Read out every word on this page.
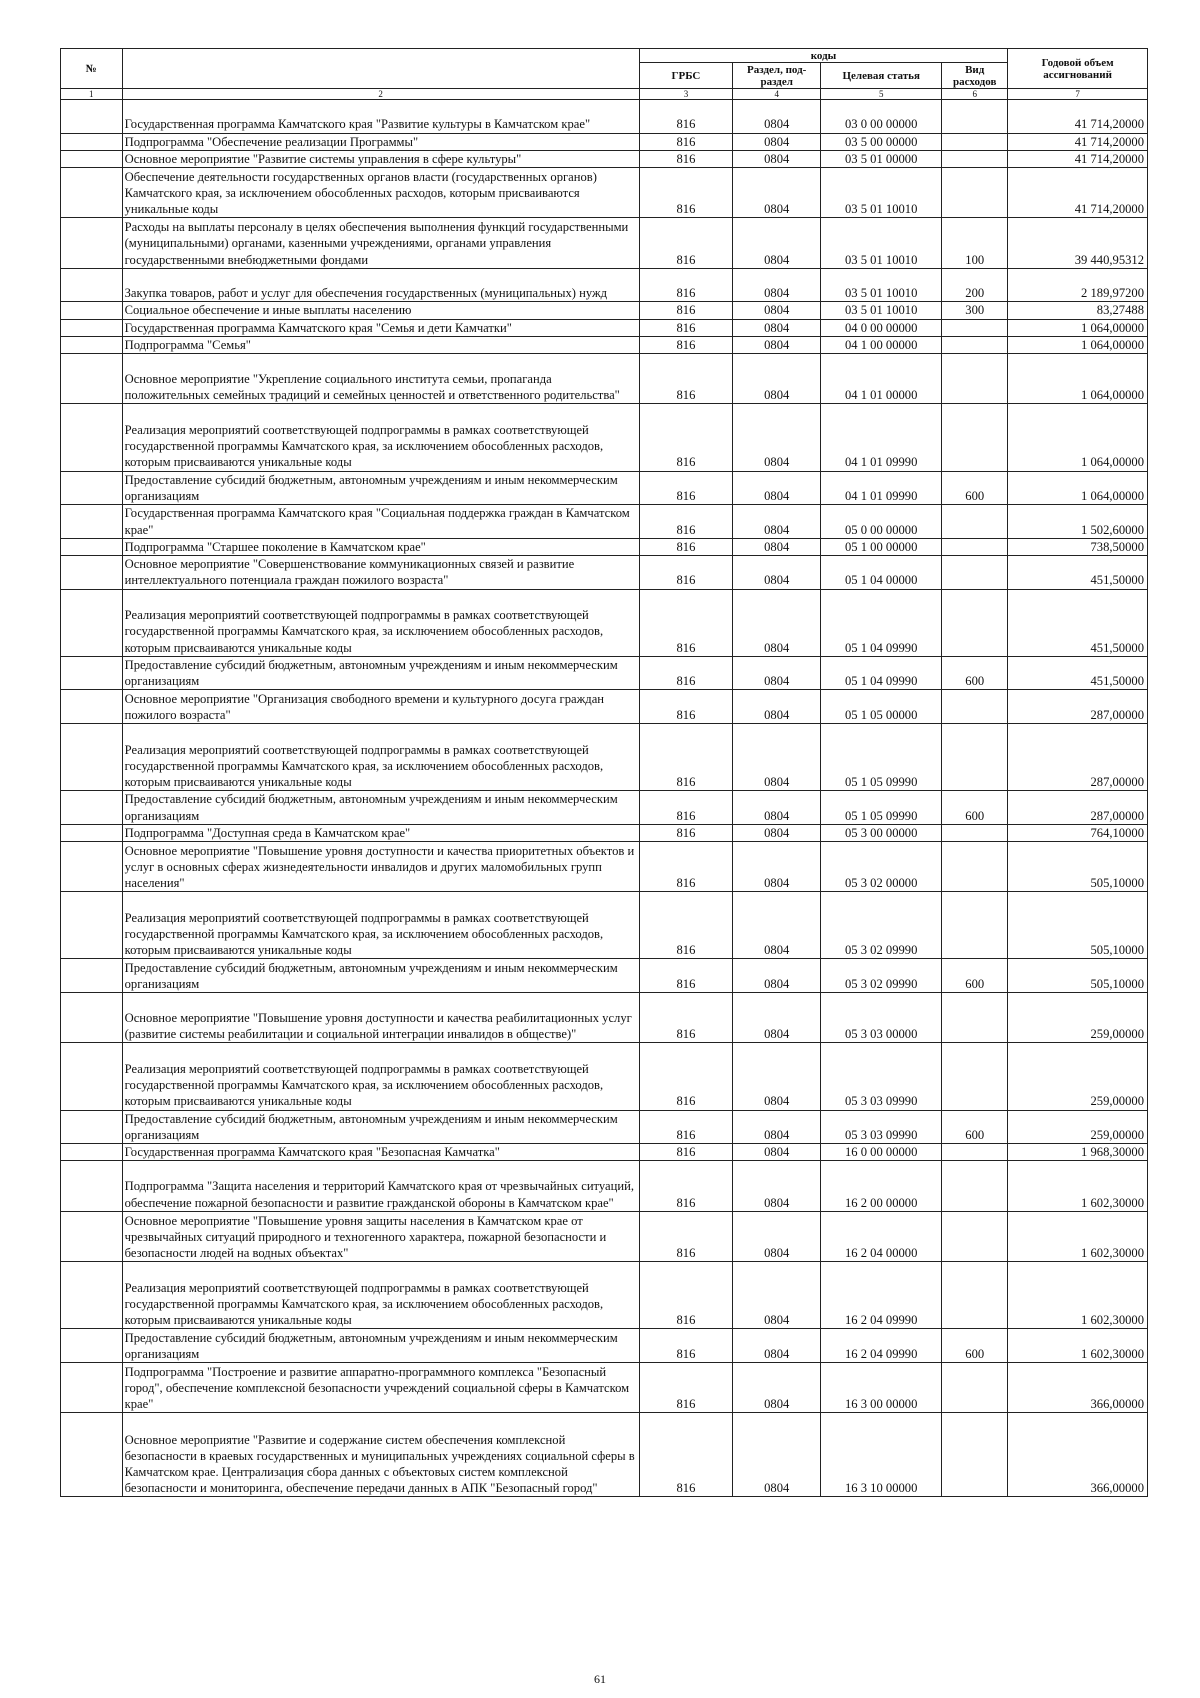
№		коды				Годовой объем ассигнований
		ГРБС	Раздел, под-раздел	Целевая статья	Вид расходов	
1	2	3	4	5	6	7
	Государственная программа Камчатского края "Развитие культуры в Камчатском крае"	816	0804	03 0 00 00000		41 714,20000
	Подпрограмма "Обеспечение реализации Программы"	816	0804	03 5 00 00000		41 714,20000
	Основное мероприятие "Развитие системы управления в сфере культуры"	816	0804	03 5 01 00000		41 714,20000
	Обеспечение деятельности государственных органов власти (государственных органов) Камчатского края, за исключением обособленных расходов, которым присваиваются уникальные коды	816	0804	03 5 01 10010		41 714,20000
	Расходы на выплаты персоналу в целях обеспечения выполнения функций государственными (муниципальными) органами, казенными учреждениями, органами управления государственными внебюджетными фондами	816	0804	03 5 01 10010	100	39 440,95312
	Закупка товаров, работ и услуг для обеспечения государственных (муниципальных) нужд	816	0804	03 5 01 10010	200	2 189,97200
	Социальное обеспечение и иные выплаты населению	816	0804	03 5 01 10010	300	83,27488
	Государственная программа Камчатского края "Семья и дети Камчатки"	816	0804	04 0 00 00000		1 064,00000
	Подпрограмма "Семья"	816	0804	04 1 00 00000		1 064,00000
	Основное мероприятие "Укрепление социального института семьи, пропаганда положительных семейных традиций и семейных ценностей и ответственного родительства"	816	0804	04 1 01 00000		1 064,00000
	Реализация мероприятий соответствующей подпрограммы в рамках соответствующей государственной программы Камчатского края, за исключением обособленных расходов, которым присваиваются уникальные коды	816	0804	04 1 01 09990		1 064,00000
	Предоставление субсидий бюджетным, автономным учреждениям и иным некоммерческим организациям	816	0804	04 1 01 09990	600	1 064,00000
	Государственная программа Камчатского края "Социальная поддержка граждан в Камчатском крае"	816	0804	05 0 00 00000		1 502,60000
	Подпрограмма "Старшее поколение в Камчатском крае"	816	0804	05 1 00 00000		738,50000
	Основное мероприятие "Совершенствование коммуникационных связей и развитие интеллектуального потенциала граждан пожилого возраста"	816	0804	05 1 04 00000		451,50000
	Реализация мероприятий соответствующей подпрограммы в рамках соответствующей государственной программы Камчатского края, за исключением обособленных расходов, которым присваиваются уникальные коды	816	0804	05 1 04 09990		451,50000
	Предоставление субсидий бюджетным, автономным учреждениям и иным некоммерческим организациям	816	0804	05 1 04 09990	600	451,50000
	Основное мероприятие "Организация свободного времени и культурного досуга граждан пожилого возраста"	816	0804	05 1 05 00000		287,00000
	Реализация мероприятий соответствующей подпрограммы в рамках соответствующей государственной программы Камчатского края, за исключением обособленных расходов, которым присваиваются уникальные коды	816	0804	05 1 05 09990		287,00000
	Предоставление субсидий бюджетным, автономным учреждениям и иным некоммерческим организациям	816	0804	05 1 05 09990	600	287,00000
	Подпрограмма "Доступная среда в Камчатском крае"	816	0804	05 3 00 00000		764,10000
	Основное мероприятие "Повышение уровня доступности и качества приоритетных объектов и услуг в основных сферах жизнедеятельности инвалидов и других маломобильных групп населения"	816	0804	05 3 02 00000		505,10000
	Реализация мероприятий соответствующей подпрограммы в рамках соответствующей государственной программы Камчатского края, за исключением обособленных расходов, которым присваиваются уникальные коды	816	0804	05 3 02 09990		505,10000
	Предоставление субсидий бюджетным, автономным учреждениям и иным некоммерческим организациям	816	0804	05 3 02 09990	600	505,10000
	Основное мероприятие "Повышение уровня доступности и качества реабилитационных услуг (развитие системы реабилитации и социальной интеграции инвалидов в обществе)"	816	0804	05 3 03 00000		259,00000
	Реализация мероприятий соответствующей подпрограммы в рамках соответствующей государственной программы Камчатского края, за исключением обособленных расходов, которым присваиваются уникальные коды	816	0804	05 3 03 09990		259,00000
	Предоставление субсидий бюджетным, автономным учреждениям и иным некоммерческим организациям	816	0804	05 3 03 09990	600	259,00000
	Государственная программа Камчатского края "Безопасная Камчатка"	816	0804	16 0 00 00000		1 968,30000
	Подпрограмма "Защита населения и территорий Камчатского края от чрезвычайных ситуаций, обеспечение пожарной безопасности и развитие гражданской обороны в Камчатском крае"	816	0804	16 2 00 00000		1 602,30000
	Основное мероприятие "Повышение уровня защиты населения в Камчатском крае от чрезвычайных ситуаций природного и техногенного характера, пожарной безопасности и безопасности людей на водных объектах"	816	0804	16 2 04 00000		1 602,30000
	Реализация мероприятий соответствующей подпрограммы в рамках соответствующей государственной программы Камчатского края, за исключением обособленных расходов, которым присваиваются уникальные коды	816	0804	16 2 04 09990		1 602,30000
	Предоставление субсидий бюджетным, автономным учреждениям и иным некоммерческим организациям	816	0804	16 2 04 09990	600	1 602,30000
	Подпрограмма "Построение и развитие аппаратно-программного комплекса "Безопасный город", обеспечение комплексной безопасности учреждений социальной сферы в Камчатском крае"	816	0804	16 3 00 00000		366,00000
	Основное мероприятие "Развитие и содержание систем обеспечения комплексной безопасности в краевых государственных и муниципальных учреждениях социальной сферы в Камчатском крае. Централизация сбора данных с объектовых систем комплексной безопасности и мониторинга, обеспечение передачи данных в АПК "Безопасный город"	816	0804	16 3 10 00000		366,00000
61
